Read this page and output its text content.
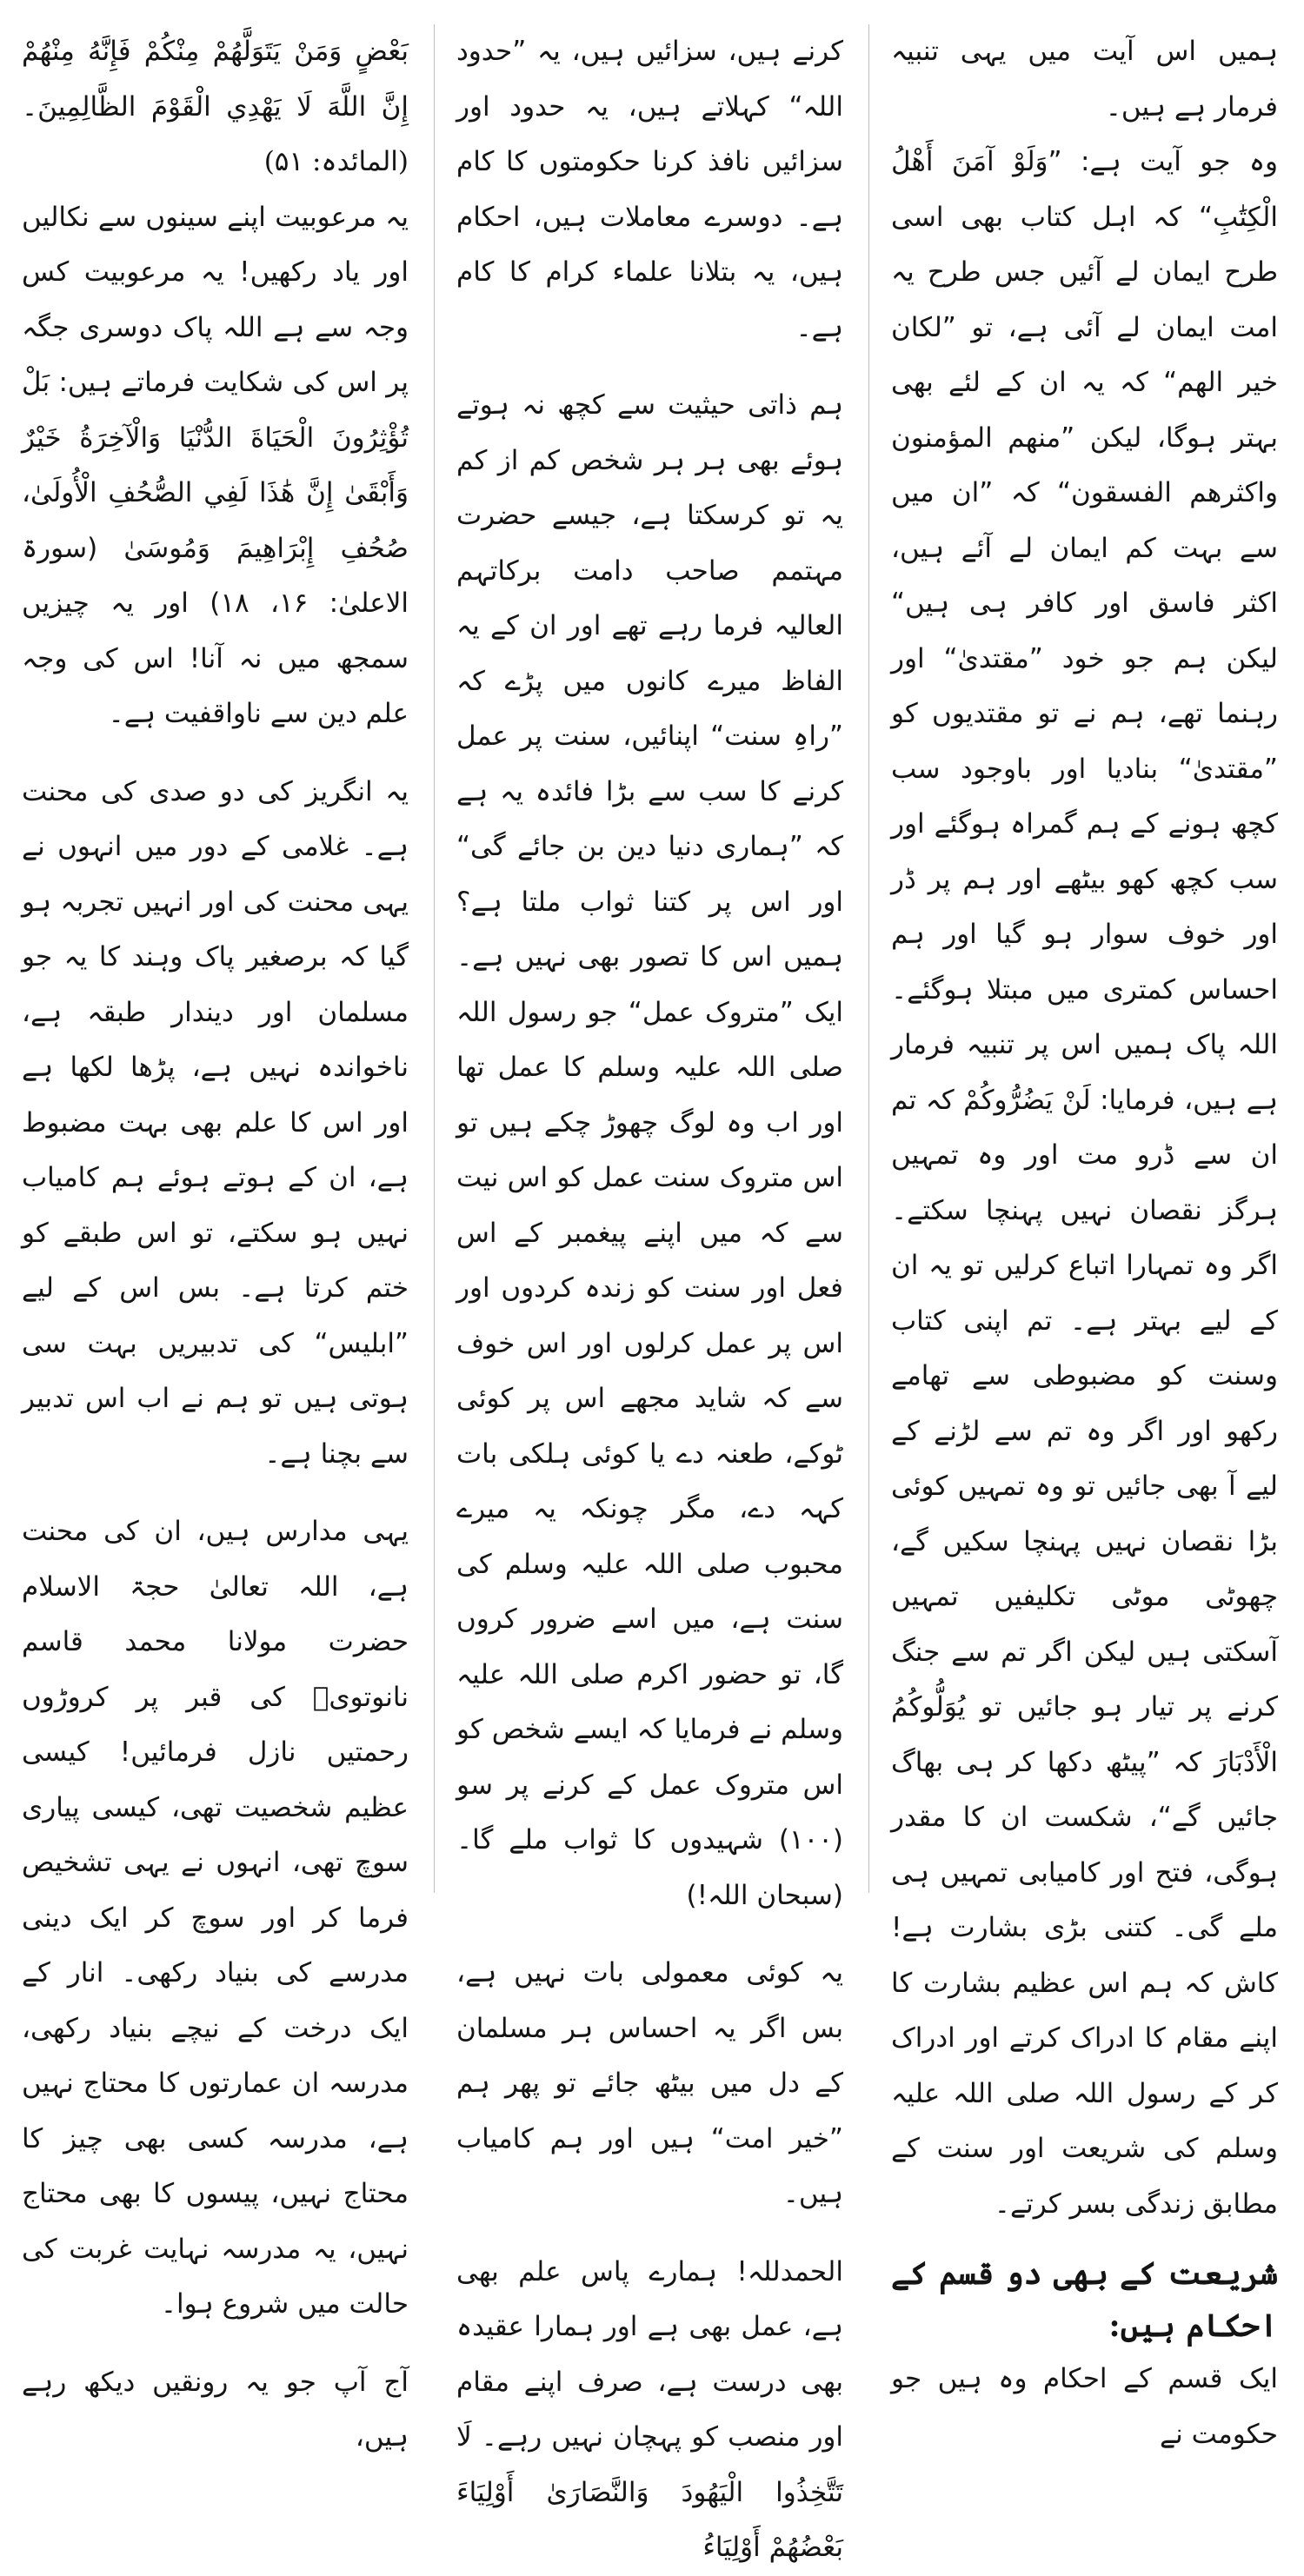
ہمیں اس آیت میں یہی تنبیہ فرمار ہے ہیں۔

وہ جو آیت ہے: ”وَلَوْ آمَنَ أَهْلُ الْكِتَٰبِ“ کہ اہل کتاب بھی اسی طرح ایمان لے آئیں جس طرح یہ امت ایمان لے آئی ہے، تو ”لکان خیر الھم“ کہ یہ ان کے لئے بھی بہتر ہوگا، لیکن ”منھم المؤمنون واکثرھم الفسقون“ کہ ”ان میں سے بہت کم ایمان لے آئے ہیں، اکثر فاسق اور کافر ہی ہیں“ لیکن ہم جو خود ”مقتدیٰ“ اور رہنما تھے، ہم نے تو مقتدیوں کو ”مقتدیٰ“ بنادیا اور باوجود سب کچھ ہونے کے ہم گمراہ ہوگئے اور سب کچھ کھو بیٹھے اور ہم پر ڈر اور خوف سوار ہو گیا اور ہم احساس کمتری میں مبتلا ہوگئے۔ اللہ پاک ہمیں اس پر تنبیہ فرمار ہے ہیں، فرمایا: لَنْ يَضُرُّوكُمْ کہ تم ان سے ڈرو مت اور وہ تمہیں ہرگز نقصان نہیں پہنچا سکتے۔ اگر وہ تمہارا اتباع کرلیں تو یہ ان کے لیے بہتر ہے۔ تم اپنی کتاب وسنت کو مضبوطی سے تھامے رکھو اور اگر وہ تم سے لڑنے کے لیے آ بھی جائیں تو وہ تمہیں کوئی بڑا نقصان نہیں پہنچا سکیں گے، چھوٹی موٹی تکلیفیں تمہیں آسکتی ہیں لیکن اگر تم سے جنگ کرنے پر تیار ہو جائیں تو يُوَلُّوكُمُ الْأَدْبَارَ کہ ”پیٹھ دکھا کر ہی بھاگ جائیں گے“، شکست ان کا مقدر ہوگی، فتح اور کامیابی تمہیں ہی ملے گی۔ کتنی بڑی بشارت ہے! کاش کہ ہم اس عظیم بشارت کا اپنے مقام کا ادراک کرتے اور ادراک کر کے رسول اللہ صلی اللہ علیہ وسلم کی شریعت اور سنت کے مطابق زندگی بسر کرتے۔

شریعت کے بھی دو قسم کے احکام ہیں:

ایک قسم کے احکام وہ ہیں جو حکومت نے

کرنے ہیں، سزائیں ہیں، یہ ”حدود اللہ“ کہلاتے ہیں، یہ حدود اور سزائیں نافذ کرنا حکومتوں کا کام ہے۔ دوسرے معاملات ہیں، احکام ہیں، یہ بتلانا علماء کرام کا کام ہے۔

ہم ذاتی حیثیت سے کچھ نہ ہوتے ہوئے بھی ہر ہر شخص کم از کم یہ تو کرسکتا ہے، جیسے حضرت مہتمم صاحب دامت برکاتہم العالیہ فرما رہے تھے اور ان کے یہ الفاظ میرے کانوں میں پڑے کہ ”راہِ سنت“ اپنائیں، سنت پر عمل کرنے کا سب سے بڑا فائدہ یہ ہے کہ ”ہماری دنیا دین بن جائے گی“ اور اس پر کتنا ثواب ملتا ہے؟ ہمیں اس کا تصور بھی نہیں ہے۔ ایک ”متروک عمل“ جو رسول اللہ صلی اللہ علیہ وسلم کا عمل تھا اور اب وہ لوگ چھوڑ چکے ہیں تو اس متروک سنت عمل کو اس نیت سے کہ میں اپنے پیغمبر کے اس فعل اور سنت کو زندہ کردوں اور اس پر عمل کرلوں اور اس خوف سے کہ شاید مجھے اس پر کوئی ٹوکے، طعنہ دے یا کوئی ہلکی بات کہہ دے، مگر چونکہ یہ میرے محبوب صلی اللہ علیہ وسلم کی سنت ہے، میں اسے ضرور کروں گا، تو حضور اکرم صلی اللہ علیہ وسلم نے فرمایا کہ ایسے شخص کو اس متروک عمل کے کرنے پر سو (۱۰۰) شہیدوں کا ثواب ملے گا۔ (سبحان اللہ!)

یہ کوئی معمولی بات نہیں ہے، بس اگر یہ احساس ہر مسلمان کے دل میں بیٹھ جائے تو پھر ہم ”خیر امت“ ہیں اور ہم کامیاب ہیں۔

الحمدللہ! ہمارے پاس علم بھی ہے، عمل بھی ہے اور ہمارا عقیدہ بھی درست ہے، صرف اپنے مقام اور منصب کو پہچان نہیں رہے۔ لَا تَتَّخِذُوا الْيَهُودَ وَالنَّصَارَىٰ أَوْلِيَاءَ بَعْضُهُمْ أَوْلِيَاءُ

بَعْضٍ وَمَنْ يَتَوَلَّهُمْ مِنْكُمْ فَإِنَّهُ مِنْهُمْ إِنَّ اللَّهَ لَا يَهْدِي الْقَوْمَ الظَّالِمِينَ۔ (المائدہ: ۵۱)

یہ مرعوبیت اپنے سینوں سے نکالیں اور یاد رکھیں! یہ مرعوبیت کس وجہ سے ہے اللہ پاک دوسری جگہ پر اس کی شکایت فرماتے ہیں: بَلْ تُؤْثِرُونَ الْحَيَاةَ الدُّنْيَا وَالْآخِرَةُ خَيْرٌ وَأَبْقَىٰ إِنَّ هَٰذَا لَفِي الصُّحُفِ الْأُولَىٰ، صُحُفِ إِبْرَاهِيمَ وَمُوسَىٰ (سورۃ الاعلیٰ: ۱۶، ۱۸) اور یہ چیزیں سمجھ میں نہ آنا! اس کی وجہ علم دین سے ناواقفیت ہے۔

یہ انگریز کی دو صدی کی محنت ہے۔ غلامی کے دور میں انہوں نے یہی محنت کی اور انہیں تجربہ ہو گیا کہ برصغیر پاک وہند کا یہ جو مسلمان اور دیندار طبقہ ہے، ناخواندہ نہیں ہے، پڑھا لکھا ہے اور اس کا علم بھی بہت مضبوط ہے، ان کے ہوتے ہوئے ہم کامیاب نہیں ہو سکتے، تو اس طبقے کو ختم کرتا ہے۔ بس اس کے لیے ”ابلیس“ کی تدبیریں بہت سی ہوتی ہیں تو ہم نے اب اس تدبیر سے بچنا ہے۔

یہی مدارس ہیں، ان کی محنت ہے، اللہ تعالیٰ حجۃ الاسلام حضرت مولانا محمد قاسم نانوتویؒ کی قبر پر کروڑوں رحمتیں نازل فرمائیں! کیسی عظیم شخصیت تھی، کیسی پیاری سوچ تھی، انہوں نے یہی تشخیص فرما کر اور سوچ کر ایک دینی مدرسے کی بنیاد رکھی۔ انار کے ایک درخت کے نیچے بنیاد رکھی، مدرسہ ان عمارتوں کا محتاج نہیں ہے، مدرسہ کسی بھی چیز کا محتاج نہیں، پیسوں کا بھی محتاج نہیں، یہ مدرسہ نہایت غربت کی حالت میں شروع ہوا۔

آج آپ جو یہ رونقیں دیکھ رہے ہیں،
